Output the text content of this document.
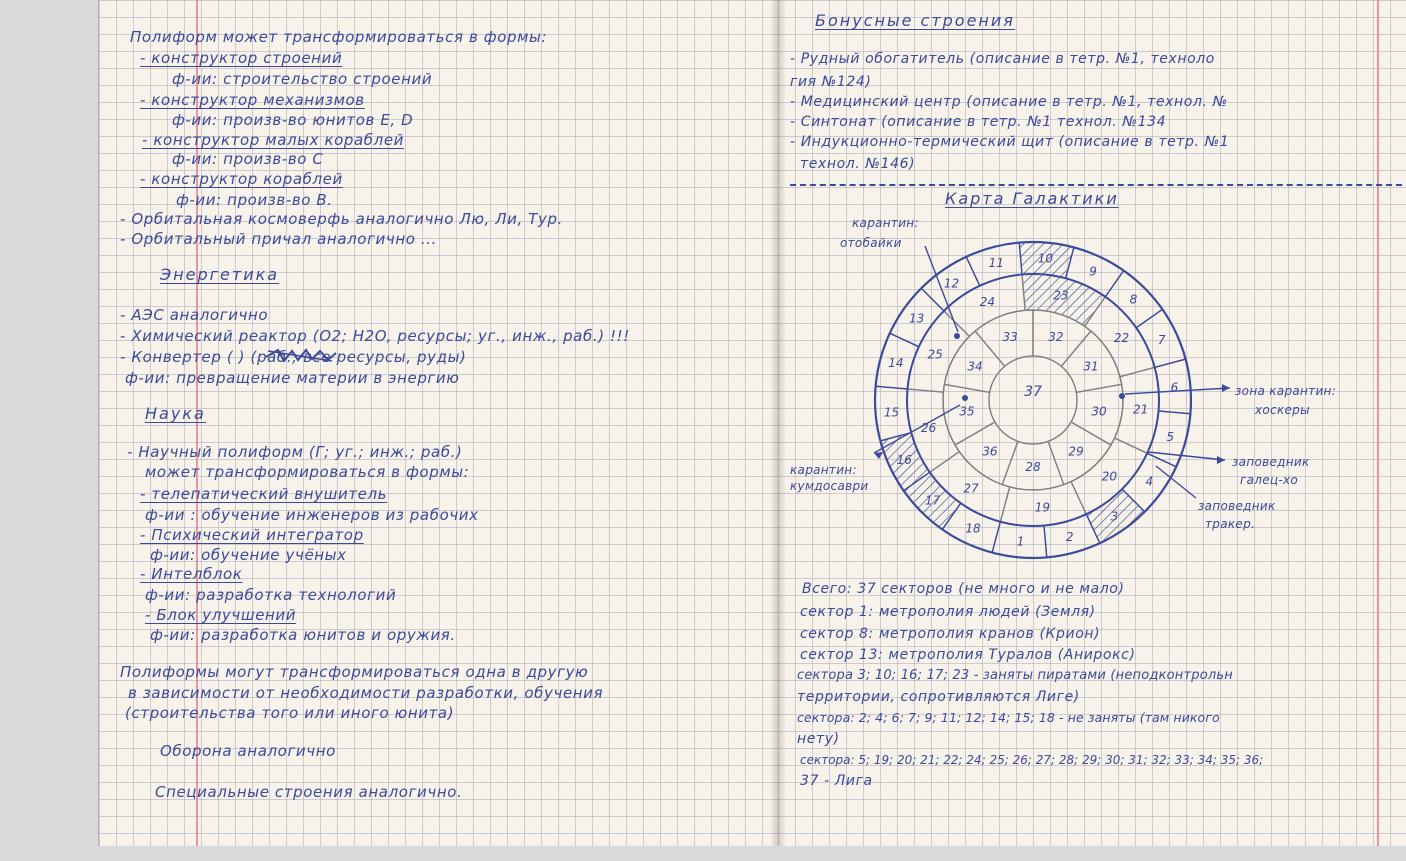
Полиформ может трансформироваться в формы:
- конструктор строений
ф-ии: строительство строений
- конструктор механизмов
ф-ии: произв-во юнитов E, D
- конструктор малых кораблей
ф-ии: произв-во С
- конструктор кораблей
ф-ии: произв-во В.
- Орбитальная космоверфь аналогично Лю, Ли, Тур.
- Орбитальный причал аналогично ...
Энергетика
- АЭС аналогично
- Химический реактор (O2; H2O, ресурсы; уг., инж., раб.) !!!
- Конвертер ( ) (раб.; все ресурсы, руды)
ф-ии: превращение материи в энергию
Наука
- Научный полиформ (Г; уг.; инж.; раб.)
может трансформироваться в формы:
- телепатический внушитель
ф-ии : обучение инженеров из рабочих
- Психический интегратор
ф-ии: обучение учёных
- Интелблок
ф-ии: разработка технологий
- Блок улучшений
ф-ии: разработка юнитов и оружия.
Полиформы могут трансформироваться одна в другую
в зависимости от необходимости разработки, обучения
(строительства того или иного юнита)
Оборона аналогично
Специальные строения аналогично.
Бонусные строения
- Рудный обогатитель (описание в тетр. №1, техноло
гия №124)
- Медицинский центр (описание в тетр. №1, технол. №
- Синтонат (описание в тетр. №1 технол. №134
- Индукционно-термический щит (описание в тетр. №1
технол. №146)
Карта Галактики
карантин:
отобайки
зона карантин:
хоскеры
карантин:
кумдосаври
заповедник
галец-хо
заповедник
тракер.
1	2
3
4
5
6
7
8
9
10
11
12
13
14
15
16
17
18
19
20
21
22
23
24
25
26
27
28
29
30
31
32
33
34
35
36
37
Всего: 37 секторов (не много и не мало)
сектор 1: метрополия людей (Земля)
сектор 8: метрополия кранов (Крион)
сектор 13: метрополия Туралов (Анирокс)
сектора 3; 10; 16; 17; 23 - заняты пиратами (неподконтрольн
территории, сопротивляются Лиге)
сектора: 2; 4; 6; 7; 9; 11; 12; 14; 15; 18 - не заняты (там никого
нету)
сектора: 5; 19; 20; 21; 22; 24; 25; 26; 27; 28; 29; 30; 31; 32; 33; 34; 35; 36;
37 - Лига
